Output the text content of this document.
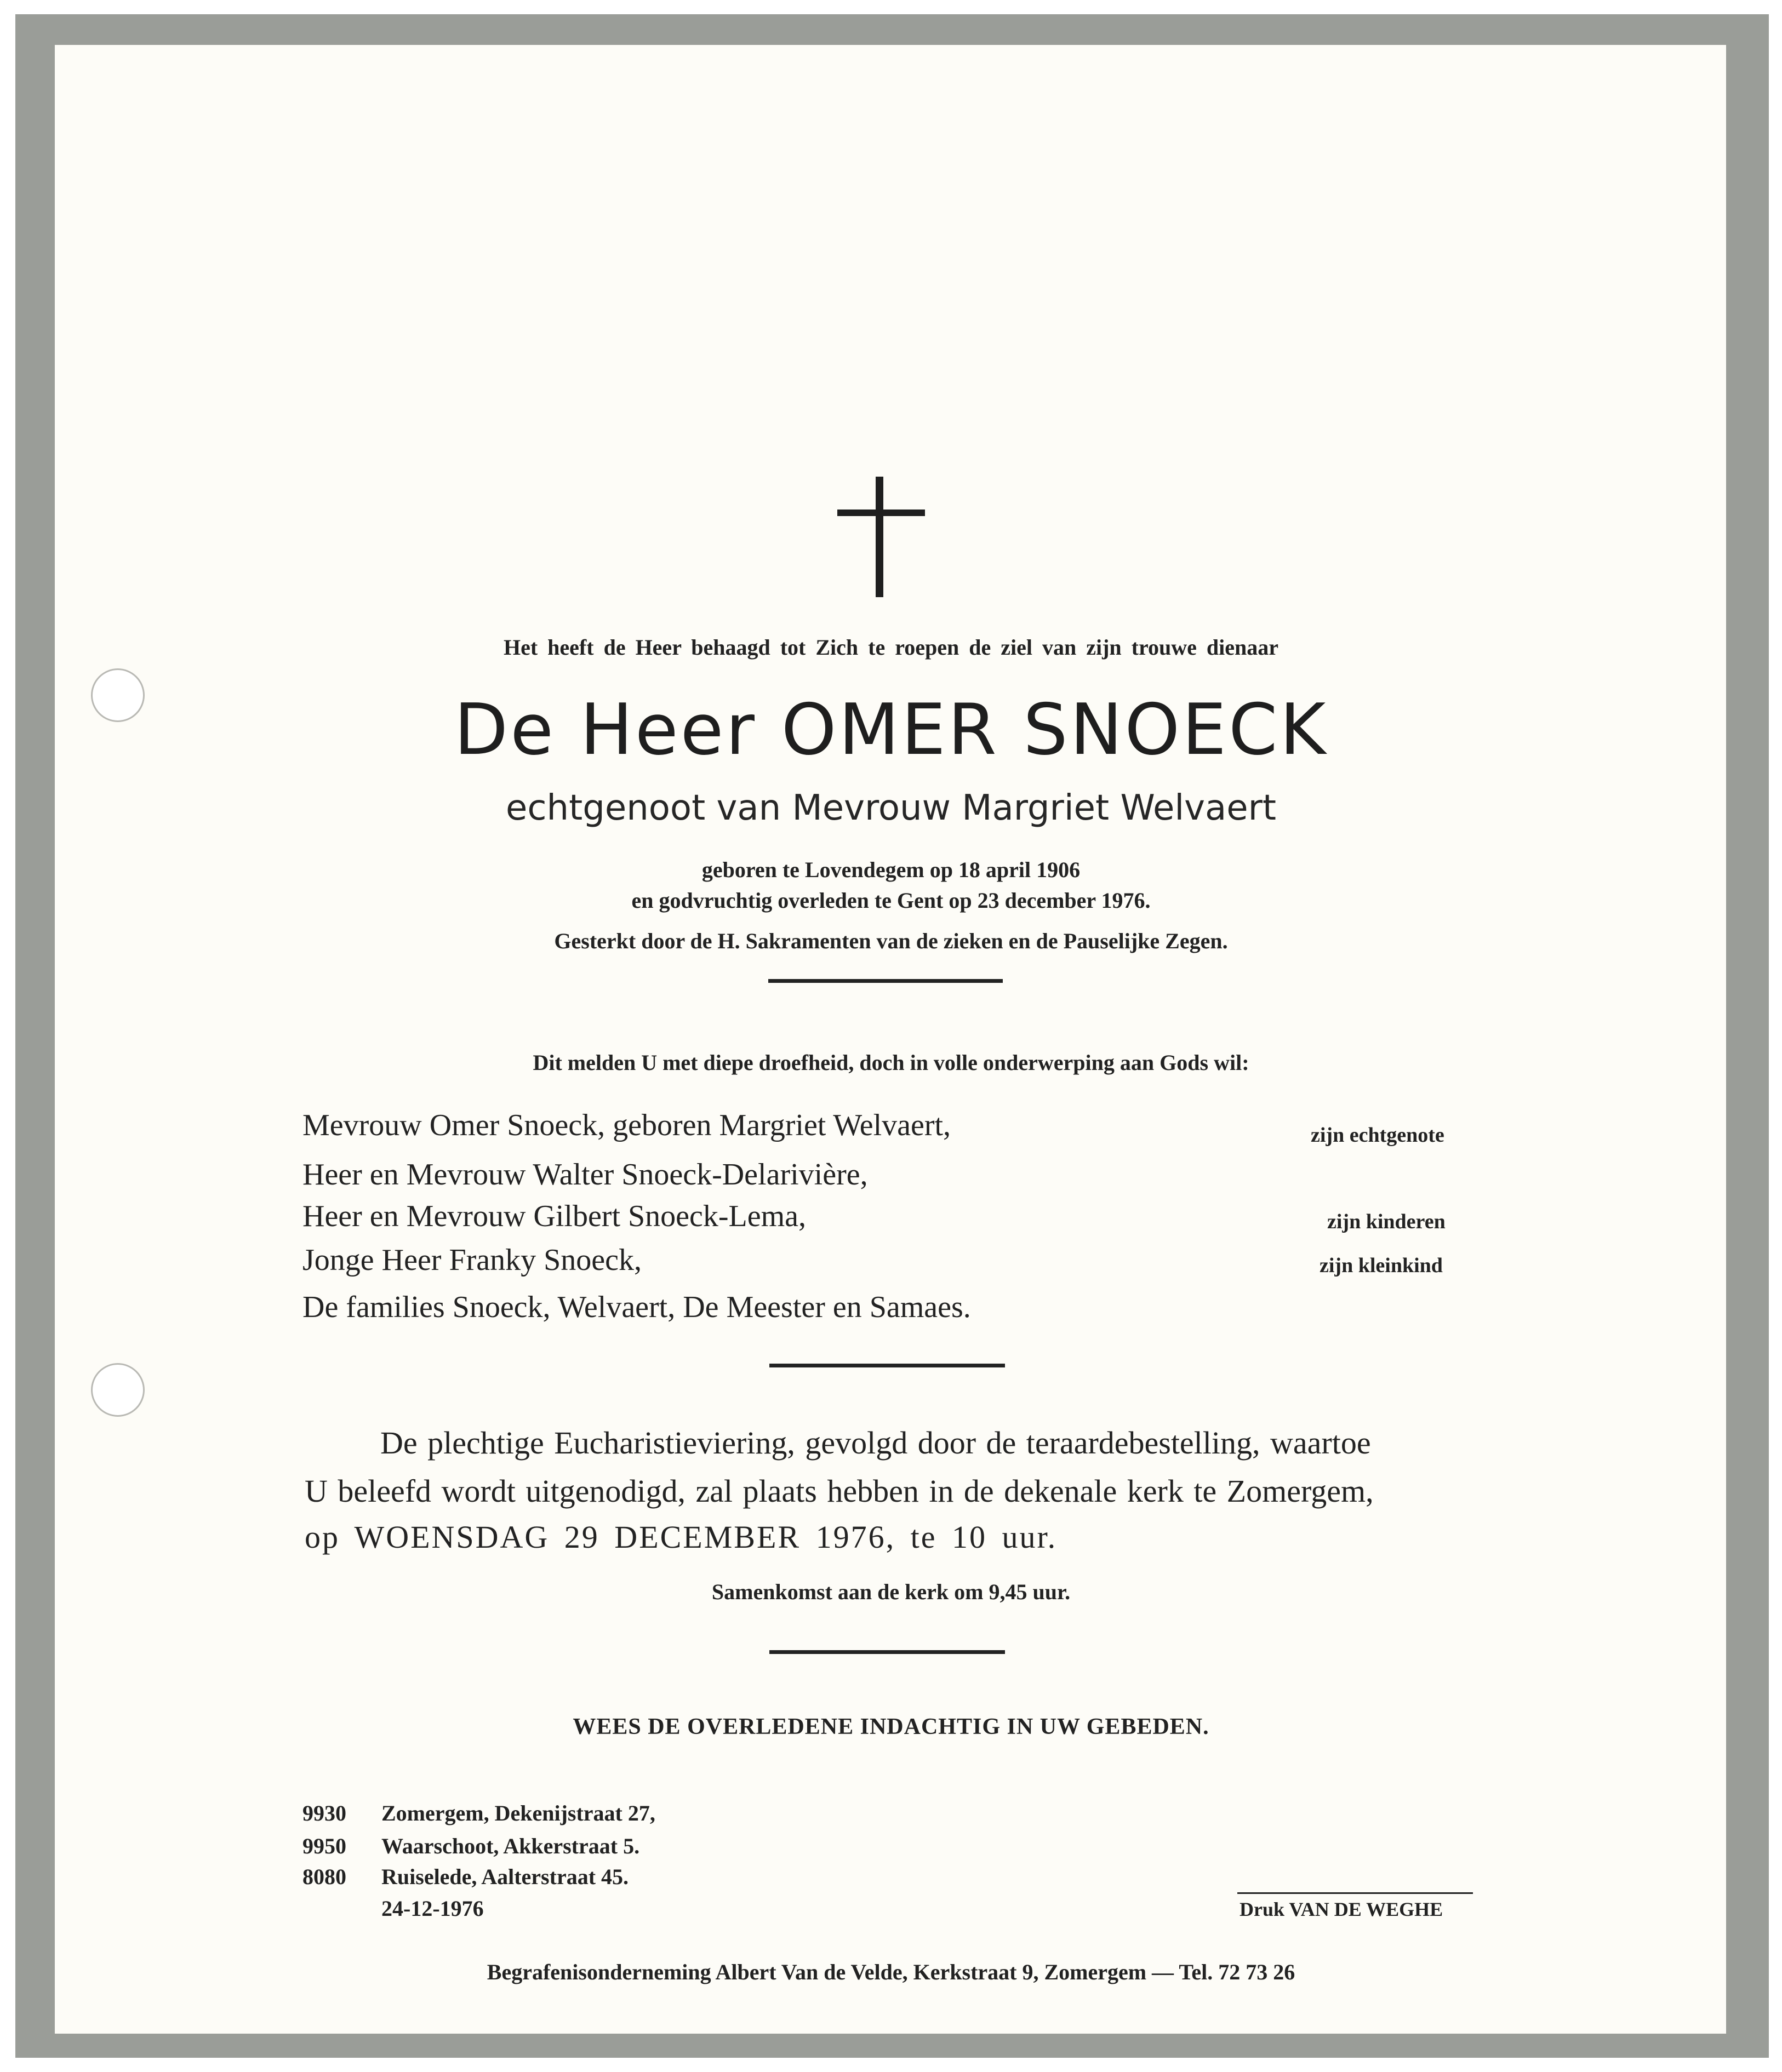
Het heeft de Heer behaagd tot Zich te roepen de ziel van zijn trouwe dienaar
De Heer OMER SNOECK
echtgenoot van Mevrouw Margriet Welvaert
geboren te Lovendegem op 18 april 1906
en godvruchtig overleden te Gent op 23 december 1976.
Gesterkt door de H. Sakramenten van de zieken en de Pauselijke Zegen.
Dit melden U met diepe droefheid, doch in volle onderwerping aan Gods wil:
Mevrouw Omer Snoeck, geboren Margriet Welvaert,	zijn echtgenote
Heer en Mevrouw Walter Snoeck-Delarivière,
Heer en Mevrouw Gilbert Snoeck-Lema,	zijn kinderen
Jonge Heer Franky Snoeck,	zijn kleinkind
De families Snoeck, Welvaert, De Meester en Samaes.
De plechtige Eucharistieviering, gevolgd door de teraardebestelling, waartoe
U beleefd wordt uitgenodigd, zal plaats hebben in de dekenale kerk te Zomergem,
op WOENSDAG 29 DECEMBER 1976, te 10 uur.
Samenkomst aan de kerk om 9,45 uur.
WEES DE OVERLEDENE INDACHTIG IN UW GEBEDEN.
9930 Zomergem, Dekenijstraat 27,
9950 Waarschoot, Akkerstraat 5.
8080 Ruiselede, Aalterstraat 45.
24-12-1976	Druk VAN DE WEGHE
Begrafenisonderneming Albert Van de Velde, Kerkstraat 9, Zomergem — Tel. 72 73 26
